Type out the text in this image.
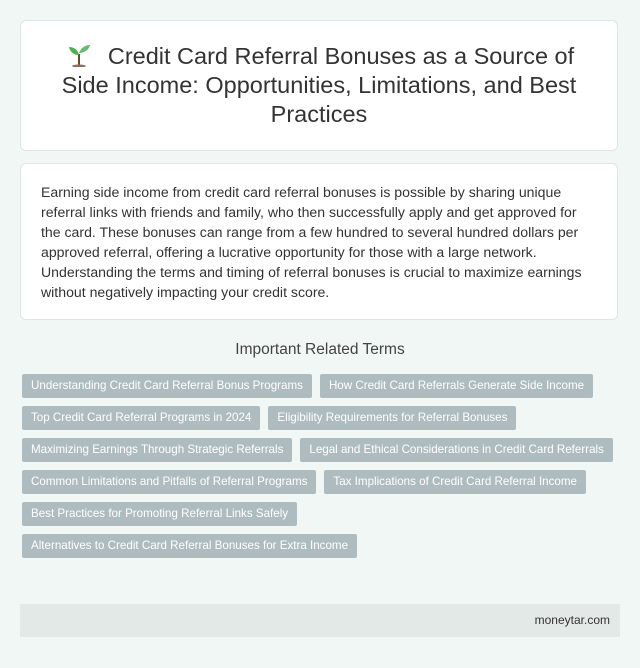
Credit Card Referral Bonuses as a Source of Side Income: Opportunities, Limitations, and Best Practices

Earning side income from credit card referral bonuses is possible by sharing unique referral links with friends and family, who then successfully apply and get approved for the card. These bonuses can range from a few hundred to several hundred dollars per approved referral, offering a lucrative opportunity for those with a large network. Understanding the terms and timing of referral bonuses is crucial to maximize earnings without negatively impacting your credit score.

Important Related Terms
Understanding Credit Card Referral Bonus Programs	How Credit Card Referrals Generate Side Income
Top Credit Card Referral Programs in 2024	Eligibility Requirements for Referral Bonuses
Maximizing Earnings Through Strategic Referrals	Legal and Ethical Considerations in Credit Card Referrals
Common Limitations and Pitfalls of Referral Programs	Tax Implications of Credit Card Referral Income
Best Practices for Promoting Referral Links Safely
Alternatives to Credit Card Referral Bonuses for Extra Income
moneytar.com
